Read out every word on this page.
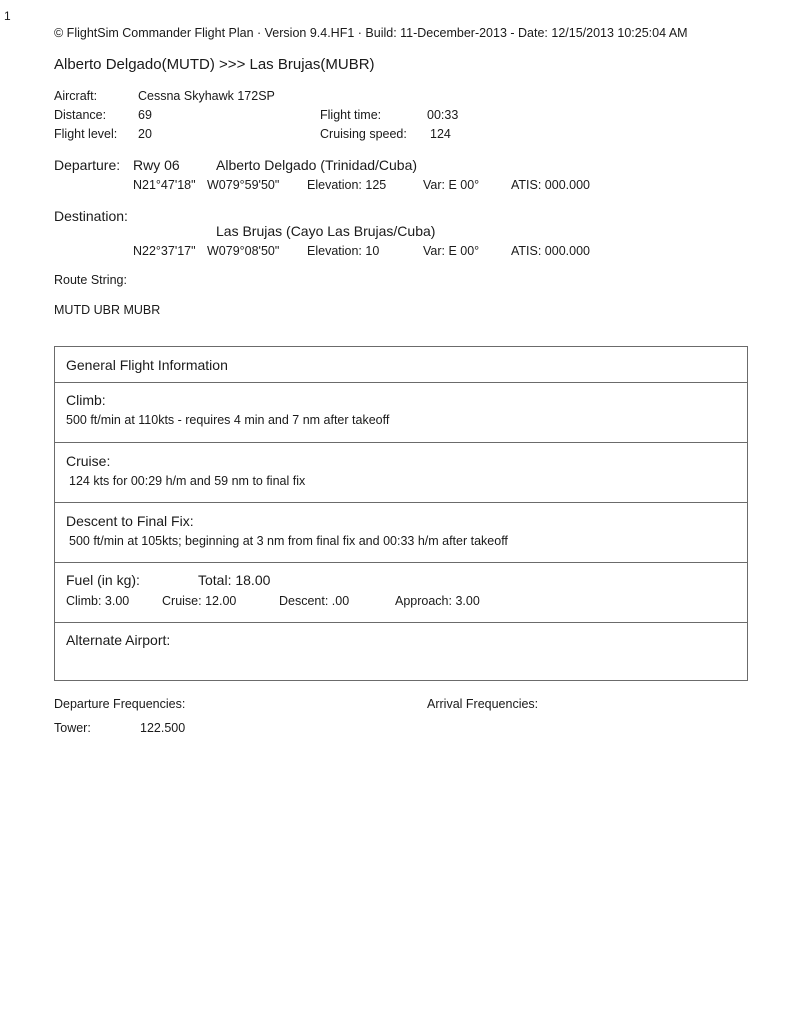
1
© FlightSim Commander Flight Plan · Version 9.4.HF1 · Build: 11-December-2013 - Date: 12/15/2013 10:25:04 AM
Alberto Delgado(MUTD) >>> Las Brujas(MUBR)
Aircraft:	Cessna Skyhawk 172SP
Distance:	69	Flight time:	00:33
Flight level: 20	Cruising speed: 124
Departure: Rwy 06	Alberto Delgado (Trinidad/Cuba)
N21°47'18" W079°59'50" Elevation: 125	Var: E 00°	ATIS: 000.000
Destination:
Las Brujas (Cayo Las Brujas/Cuba)
N22°37'17" W079°08'50" Elevation: 10	Var: E 00°	ATIS: 000.000
Route String:
MUTD UBR MUBR
General Flight Information
Climb:
500 ft/min at 110kts - requires 4 min and 7 nm after takeoff
Cruise:
124 kts for 00:29 h/m and 59 nm to final fix
Descent to Final Fix:
500 ft/min at 105kts; beginning at 3 nm from final fix and 00:33 h/m after takeoff
Fuel (in kg):	Total: 18.00
Climb: 3.00	Cruise: 12.00	Descent: .00	Approach: 3.00
Alternate Airport:
Departure Frequencies:	Arrival Frequencies:
Tower:	122.500
